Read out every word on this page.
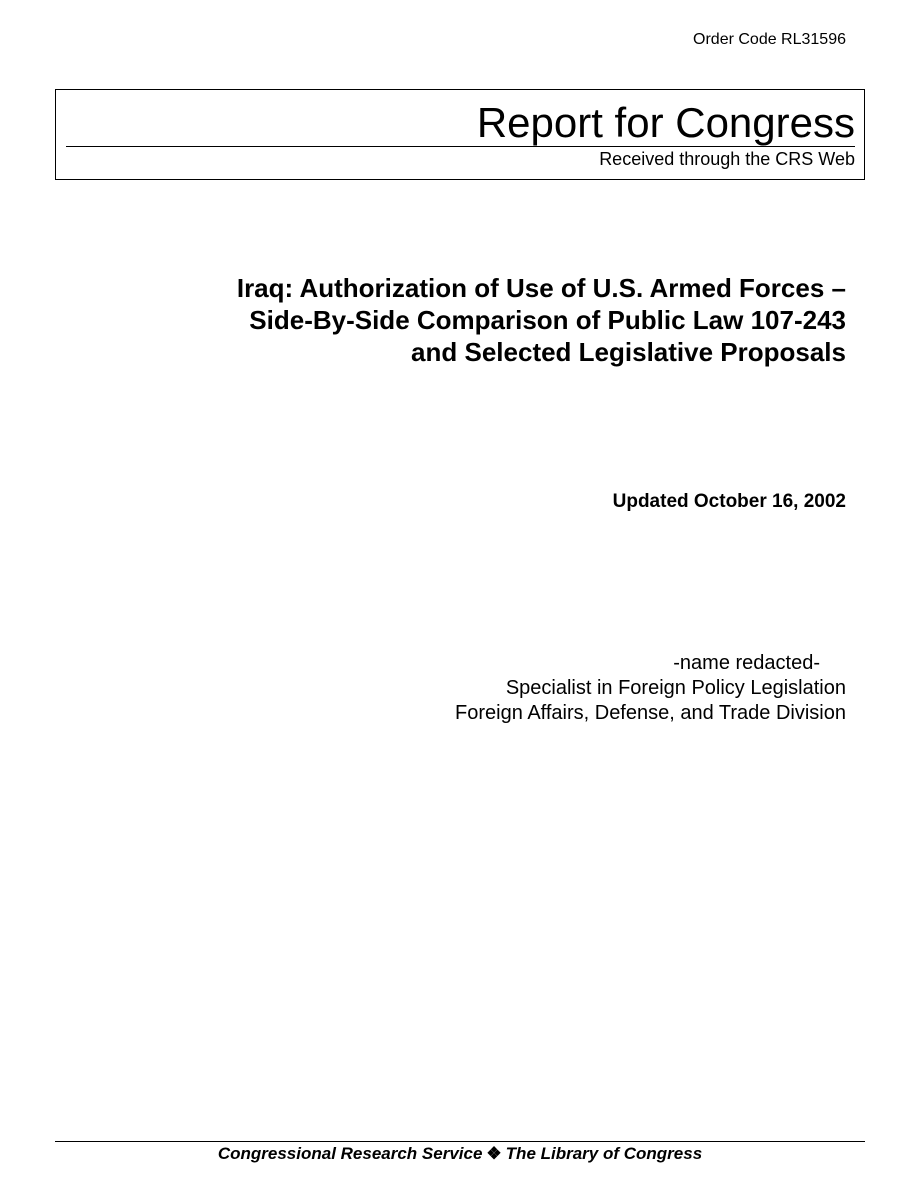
Order Code RL31596
Report for Congress
Received through the CRS Web
Iraq: Authorization of Use of U.S. Armed Forces –
Side-By-Side Comparison of Public Law 107-243
and Selected Legislative Proposals
Updated October 16, 2002
-name redacted-
Specialist in Foreign Policy Legislation
Foreign Affairs, Defense, and Trade Division
Congressional Research Service ❖ The Library of Congress
